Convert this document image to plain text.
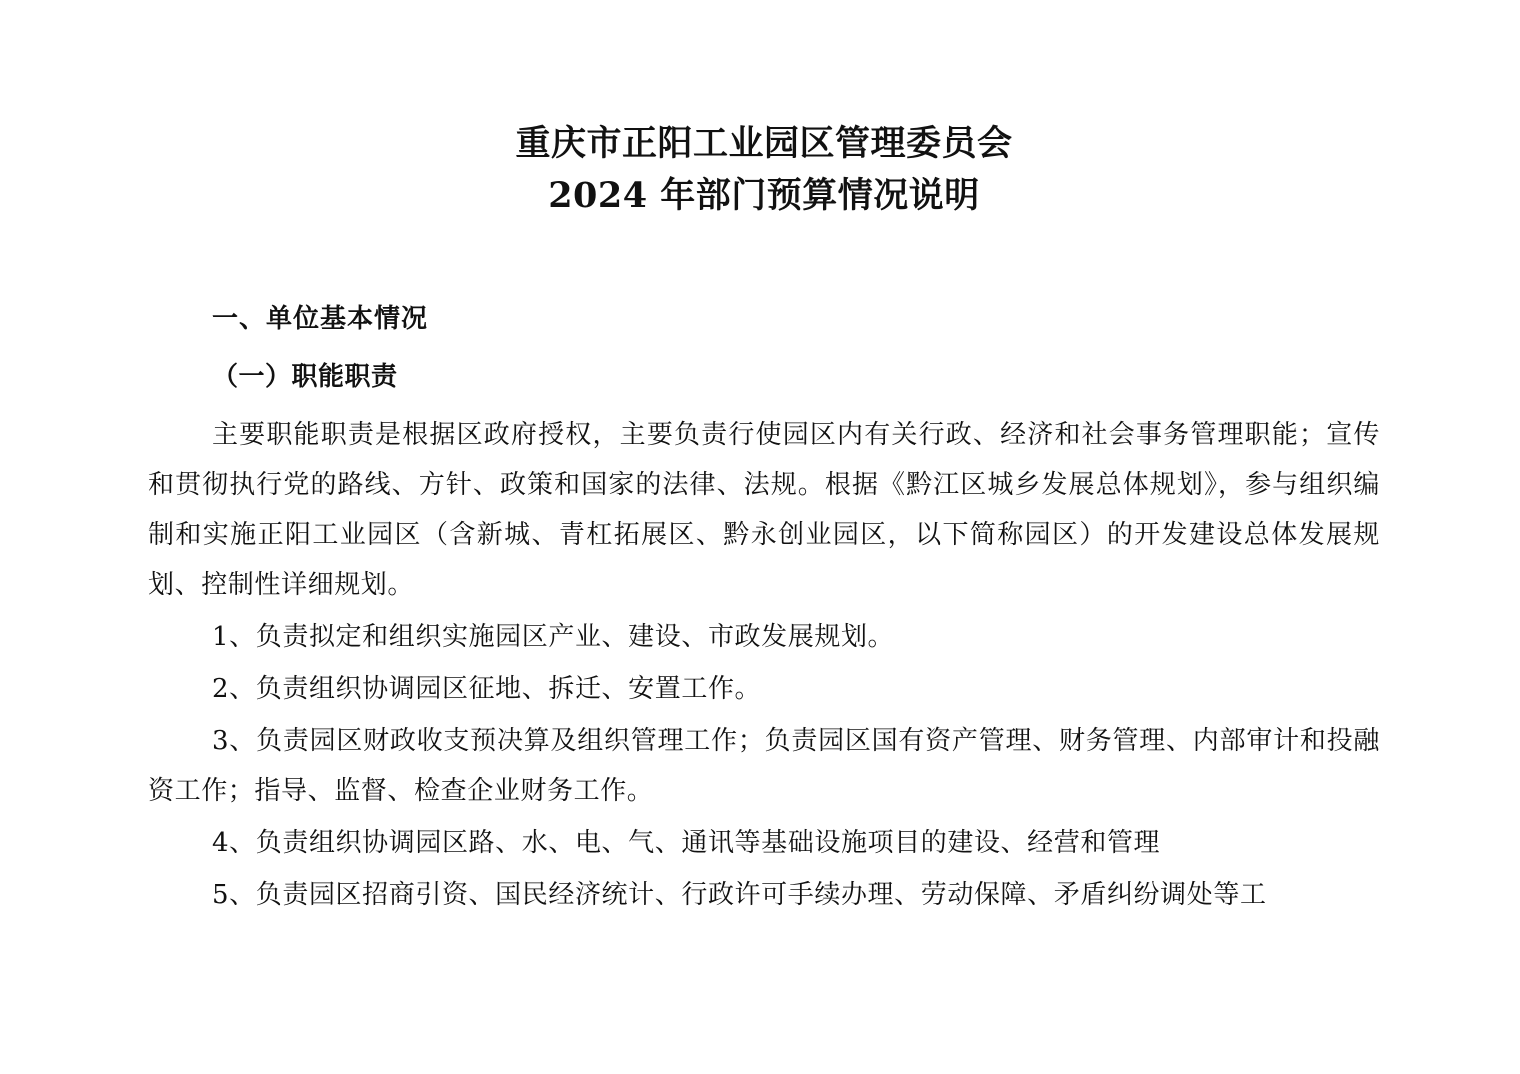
重庆市正阳工业园区管理委员会
2024 年部门预算情况说明
一、单位基本情况
（一）职能职责

主要职能职责是根据区政府授权，主要负责行使园区内有关行政、经济和社会事务管理职能；宣传和贯彻执行党的路线、方针、政策和国家的法律、法规。根据《黔江区城乡发展总体规划》，参与组织编制和实施正阳工业园区（含新城、青杠拓展区、黔永创业园区，以下简称园区）的开发建设总体发展规划、控制性详细规划。

1、负责拟定和组织实施园区产业、建设、市政发展规划。

2、负责组织协调园区征地、拆迁、安置工作。

3、负责园区财政收支预决算及组织管理工作；负责园区国有资产管理、财务管理、内部审计和投融资工作；指导、监督、检查企业财务工作。

4、负责组织协调园区路、水、电、气、通讯等基础设施项目的建设、经营和管理

5、负责园区招商引资、国民经济统计、行政许可手续办理、劳动保障、矛盾纠纷调处等工
